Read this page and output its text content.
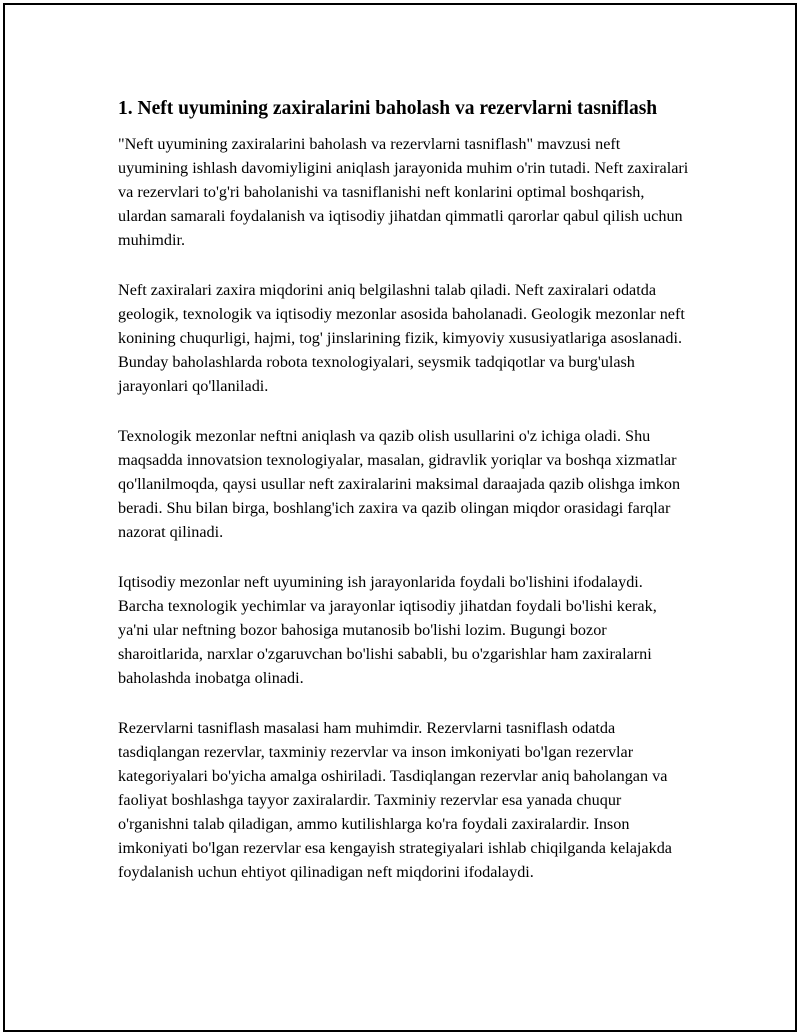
1. Neft uyumining zaxiralarini baholash va rezervlarni tasniflash

"Neft uyumining zaxiralarini baholash va rezervlarni tasniflash" mavzusi neft uyumining ishlash davomiyligini aniqlash jarayonida muhim o'rin tutadi. Neft zaxiralari va rezervlari to'g'ri baholanishi va tasniflanishi neft konlarini optimal boshqarish, ulardan samarali foydalanish va iqtisodiy jihatdan qimmatli qarorlar qabul qilish uchun muhimdir.

Neft zaxiralari zaxira miqdorini aniq belgilashni talab qiladi. Neft zaxiralari odatda geologik, texnologik va iqtisodiy mezonlar asosida baholanadi. Geologik mezonlar neft konining chuqurligi, hajmi, tog' jinslarining fizik, kimyoviy xususiyatlariga asoslanadi. Bunday baholashlarda robota texnologiyalari, seysmik tadqiqotlar va burg'ulash jarayonlari qo'llaniladi.

Texnologik mezonlar neftni aniqlash va qazib olish usullarini o'z ichiga oladi. Shu maqsadda innovatsion texnologiyalar, masalan, gidravlik yoriqlar va boshqa xizmatlar qo'llanilmoqda, qaysi usullar neft zaxiralarini maksimal daraajada qazib olishga imkon beradi. Shu bilan birga, boshlang'ich zaxira va qazib olingan miqdor orasidagi farqlar nazorat qilinadi.

Iqtisodiy mezonlar neft uyumining ish jarayonlarida foydali bo'lishini ifodalaydi. Barcha texnologik yechimlar va jarayonlar iqtisodiy jihatdan foydali bo'lishi kerak, ya'ni ular neftning bozor bahosiga mutanosib bo'lishi lozim. Bugungi bozor sharoitlarida, narxlar o'zgaruvchan bo'lishi sababli, bu o'zgarishlar ham zaxiralarni baholashda inobatga olinadi.

Rezervlarni tasniflash masalasi ham muhimdir. Rezervlarni tasniflash odatda tasdiqlangan rezervlar, taxminiy rezervlar va inson imkoniyati bo'lgan rezervlar kategoriyalari bo'yicha amalga oshiriladi. Tasdiqlangan rezervlar aniq baholangan va faoliyat boshlashga tayyor zaxiralardir. Taxminiy rezervlar esa yanada chuqur o'rganishni talab qiladigan, ammo kutilishlarga ko'ra foydali zaxiralardir. Inson imkoniyati bo'lgan rezervlar esa kengayish strategiyalari ishlab chiqilganda kelajakda foydalanish uchun ehtiyot qilinadigan neft miqdorini ifodalaydi.
